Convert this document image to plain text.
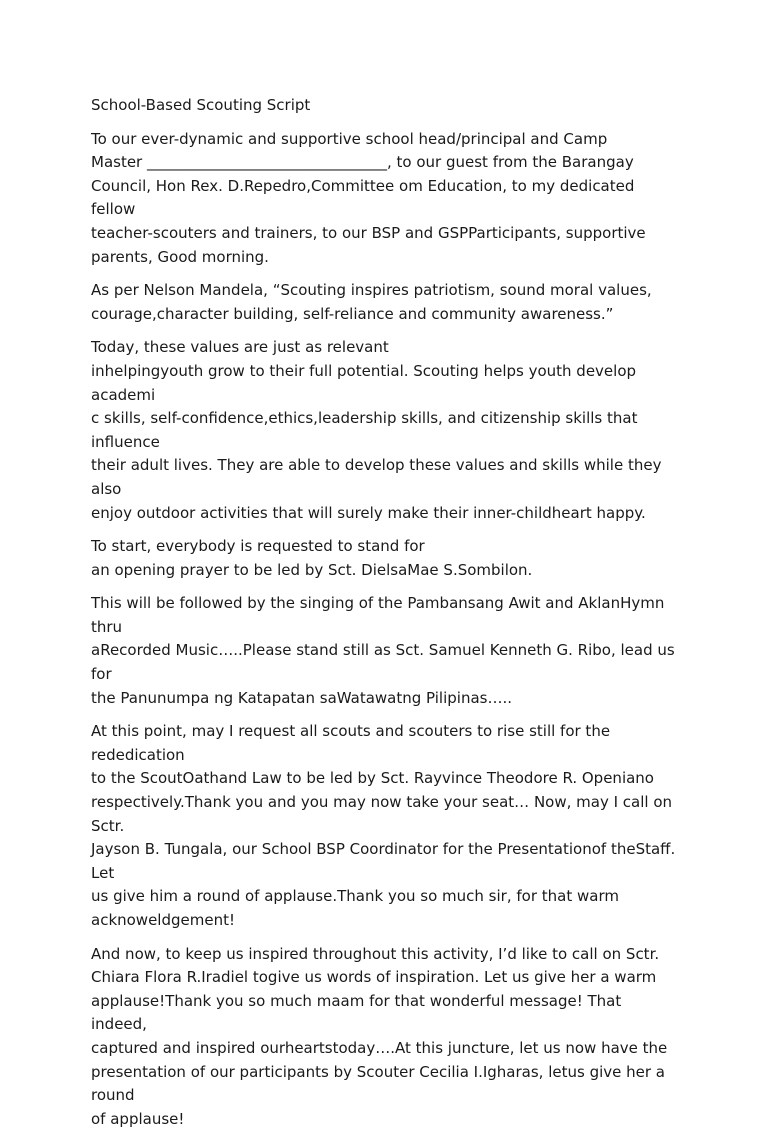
School-Based Scouting Script

To our ever-dynamic and supportive school head/principal and Camp
Master ________________________________, to our guest from the Barangay
Council, Hon Rex. D.Repedro,Committee om Education, to my dedicated fellow
teacher-scouters and trainers, to our BSP and GSPParticipants, supportive
parents, Good morning.

As per Nelson Mandela, “Scouting inspires patriotism, sound moral values,
courage,character building, self-reliance and community awareness.”

Today, these values are just as relevant
inhelpingyouth grow to their full potential. Scouting helps youth develop academi
c skills, self-confidence,ethics,leadership skills, and citizenship skills that influence
their adult lives. They are able to develop these values and skills while they also
enjoy outdoor activities that will surely make their inner-childheart happy.

To start, everybody is requested to stand for
an opening prayer to be led by Sct. DielsaMae S.Sombilon.

This will be followed by the singing of the Pambansang Awit and AklanHymn thru
aRecorded Music…..Please stand still as Sct. Samuel Kenneth G. Ribo, lead us for
the Panunumpa ng Katapatan saWatawatng Pilipinas…..

At this point, may I request all scouts and scouters to rise still for the rededication
to the ScoutOathand Law to be led by Sct. Rayvince Theodore R. Openiano
respectively.Thank you and you may now take your seat… Now, may I call on Sctr.
Jayson B. Tungala, our School BSP Coordinator for the Presentationof theStaff. Let
us give him a round of applause.Thank you so much sir, for that warm
acknoweldgement!

And now, to keep us inspired throughout this activity, I’d like to call on Sctr.
Chiara Flora R.Iradiel togive us words of inspiration. Let us give her a warm
applause!Thank you so much maam for that wonderful message! That indeed,
captured and inspired ourheartstoday….At this juncture, let us now have the
presentation of our participants by Scouter Cecilia I.Igharas, letus give her a round
of applause!
